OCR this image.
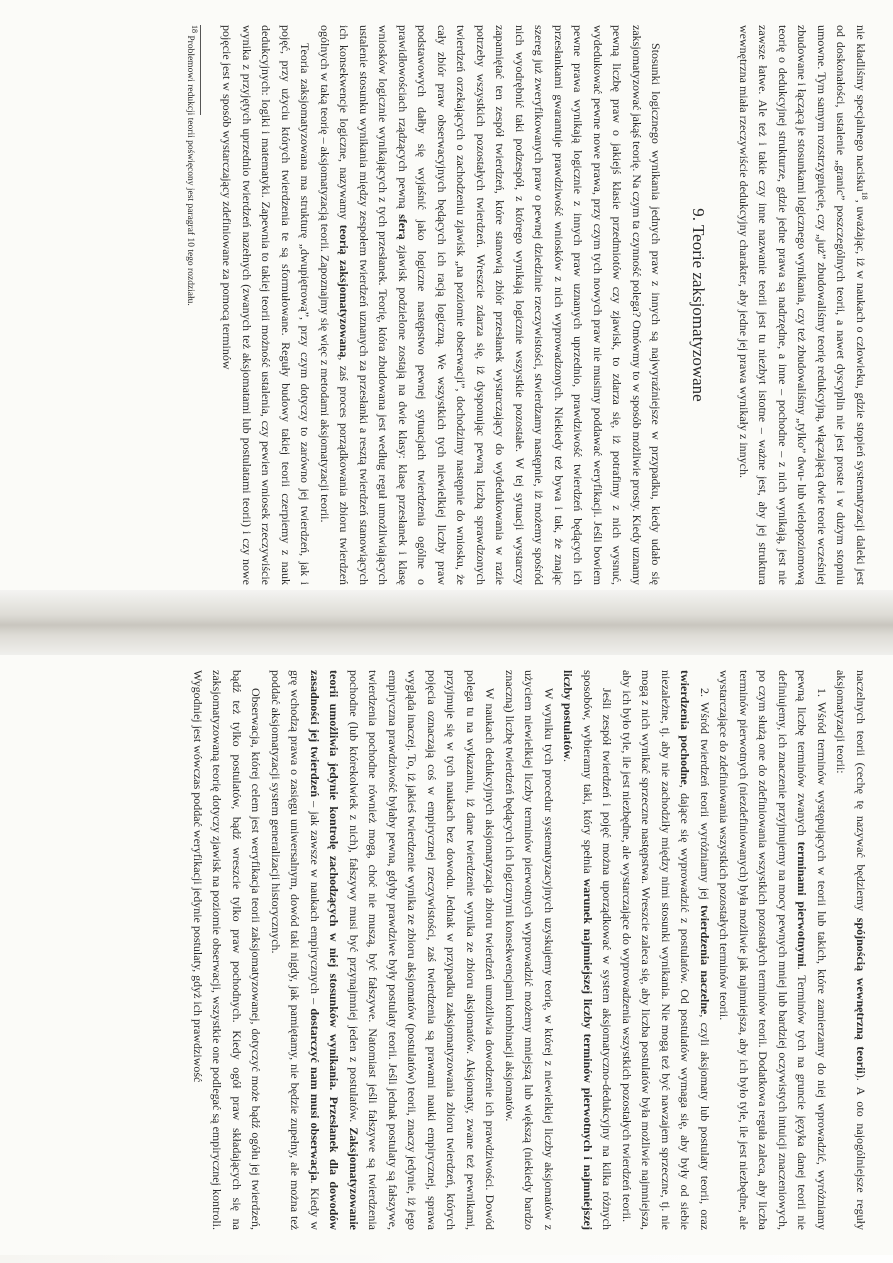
nie kładliśmy specjalnego nacisku$^{18}$, uważając, iż w naukach o człowieku, gdzie stopień systematyzacji daleki jest od doskonałości, ustalenie „granic” poszczególnych teorii, a nawet dyscyplin nie jest proste i w dużym stopniu umowne. Tym samym rozstrzygnięcie, czy „już” zbudowaliśmy teorię redukcyjną, włączającą dwie teorie wcześniej zbudowane i łączącą je stosunkami logicznego wynikania, czy też zbudowaliśmy „tylko” dwu- lub wielopoziomową teorię o dedukcyjnej strukturze, gdzie jedne prawa są nadrzędne, a inne – pochodne – z nich wynikają, jest nie zawsze łatwe. Ale też i takie czy inne nazwanie teorii jest tu niezbyt istotne – ważne jest, aby jej struktura wewnętrzna miała rzeczywiście dedukcyjny charakter, aby jedne jej prawa wynikały z innych.

9. Teorie zaksjomatyzowane

Stosunki logicznego wynikania jednych praw z innych są najwyraźniejsze w przypadku, kiedy udało się zaksjomatyzować jakąś teorię. Na czym ta czynność polega? Omówmy to w sposób możliwie prosty. Kiedy uznamy pewną liczbę praw o jakiejś klasie przedmiotów czy zjawisk, to zdarza się, iż potrafimy z nich wysnuć, wydedukować pewne nowe prawa, przy czym tych nowych praw nie musimy poddawać weryfikacji. Jeśli bowiem pewne prawa wynikają logicznie z innych praw uznanych uprzednio, prawdziwość twierdzeń będących ich przesłankami gwarantuje prawdziwość wniosków z nich wyprowadzonych. Niekiedy też bywa i tak, że znając szereg już zweryfikowanych praw o pewnej dziedzinie rzeczywistości, stwierdzamy następnie, iż możemy spośród nich wyodrębnić taki podzespół, z którego wynikają logicznie wszystkie pozostałe. W tej sytuacji wystarczy zapamiętać ten zespół twierdzeń, które stanowią zbiór przesłanek wystarczający do wydedukowania w razie potrzeby wszystkich pozostałych twierdzeń. Wreszcie zdarza się, iż dysponując pewną liczbą sprawdzonych twierdzeń orzekających o zachodzeniu zjawisk „na poziomie obserwacji”, dochodzimy następnie do wniosku, że cały zbiór praw obserwacyjnych będących ich racją logiczną. We wszystkich tych niewielkiej liczby praw podstawowych dałby się wyjaśnić jako logiczne następstwo pewnej sytuacjach twierdzenia ogólne o prawidłowościach rządzących pewną sferą zjawisk podzielone zostają na dwie klasy: klasę przesłanek i klasę wniosków logicznie wynikających z tych przesłanek. Teorię, która zbudowana jest według reguł umożliwiających ustalenie stosunku wynikania między zespołem twierdzeń uznanych za przesłanki a resztą twierdzeń stanowiących ich konsekwencje logiczne, nazywamy teorią zaksjomatyzowaną, zaś proces porządkowania zbioru twierdzeń ogólnych w taką teorię – aksjomatyzacją teorii. Zapoznajmy się więc z metodami aksjomatyzacji teorii.

Teoria zaksjomatyzowana ma strukturę „dwupiętrową”, przy czym dotyczy to zarówno jej twierdzeń, jak i pojęć, przy użyciu których twierdzenia te są sformułowane. Reguły budowy takiej teorii czerpiemy z nauk dedukcyjnych: logiki i matematyki. Zapewnia to takiej teorii możność ustalenia, czy pewien wniosek rzeczywiście wynika z przyjętych uprzednio twierdzeń nazełnych (zwanych też aksjomatami lub postulatami teorii) i czy nowe pojęcie jest w sposób wystarczający zdefiniowane za pomocą terminów

$^{18}$ Problemowi redukcji teorii poświęcony jest paragraf 10 tego rozdziału.

naczelnych teorii (cechę tę nazywać będziemy spójnością wewnętrzną teorii). A oto najogólniejsze reguły aksjomatyzacji teorii:

1. Wśród terminów występujących w teorii lub takich, które zamierzamy do niej wprowadzić, wyróżniamy pewną liczbę terminów zwanych terminami pierwotnymi. Terminów tych na gruncie języka danej teorii nie definiujemy, ich znaczenie przyjmujemy na mocy pewnych mniej lub bardziej oczywistych intuicji znaczeniowych, po czym służą one do zdefiniowania wszystkich pozostałych terminów teorii. Dodatkowa reguła zaleca, aby liczba terminów pierwotnych (niezdefiniowanych) była możliwie jak najmniejsza, aby ich było tyle, ile jest niezbędne, ale wystarczające do zdefiniowania wszystkich pozostałych terminów teorii.

2. Wśród twierdzeń teorii wyróżniamy jej twierdzenia naczelne, czyli aksjomaty lub postulaty teorii, oraz twierdzenia pochodne, dające się wyprowadzić z postulatów. Od postulatów wymaga się, aby były od siebie niezależne, tj. aby nie zachodziły między nimi stosunki wynikania. Nie mogą też być nawzajem sprzeczne, tj. nie mogą z nich wynikać sprzeczne następstwa. Wreszcie zaleca się, aby liczba postulatów była możliwie najmniejsza, aby ich było tyle, ile jest niezbędne, ale wystarczające do wyprowadzenia wszystkich pozostałych twierdzeń teorii.

Jeśli zespół twierdzeń i pojęć można uporządkować w system aksjomatyczno-dedukcyjny na kilka różnych sposobów, wybieramy taki, który spełnia warunek najmniejszej liczby terminów pierwotnych i najmniejszej liczby postulatów.

W wyniku tych procedur systematyzacyjnych uzyskujemy teorię, w której z niewielkiej liczby aksjomatów z użyciem niewielkiej liczby terminów pierwotnych wyprowadzić możemy mniejszą lub większą (niekiedy bardzo znaczną) liczbę twierdzeń będących ich logicznymi konsekwencjami kombinacji aksjomatów.

W naukach dedukcyjnych aksjomatyzacja zbioru twierdzeń umożliwia dowodzenie ich prawdziwości. Dowód polega tu na wykazaniu, iż dane twierdzenie wynika ze zbioru aksjomatów. Aksjomaty, zwane też pewnikami, przyjmuje się w tych naukach bez dowodu. Jednak w przypadku zaksjomatyzowania zbioru twierdzeń, których pojęcia oznaczają coś w empirycznej rzeczywistości, zaś twierdzenia są prawami nauki empirycznej, sprawa wygląda inaczej. To, iż jakieś twierdzenie wynika ze zbioru aksjomatów (postulatów) teorii, znaczy jedynie, iż jego empiryczna prawdziwość byłaby pewna, gdyby prawdziwe były postulaty teorii. Jeśli jednak postulaty są fałszywe, twierdzenia pochodne również mogą, choć nie muszą, być fałszywe. Natomiast jeśli fałszywe są twierdzenia pochodne (lub którekolwiek z nich), fałszywy musi być przynajmniej jeden z postulatów. Zaksjomatyzowanie teorii umożliwia jedynie kontrolę zachodzących w niej stosunków wynikania. Przesłanek dla dowodów zasadności jej twierdzeń – jak zawsze w naukach empirycznych – dostarczyć nam musi obserwacja. Kiedy w grę wchodzą prawa o zasięgu uniwersalnym, dowód taki nigdy, jak pamiętamy, nie będzie zupełny, ale można też poddać aksjomatyzacji system generalizacji historycznych.

Obserwacja, której celem jest weryfikacja teorii zaksjomatyzowanej, dotyczyć może bądź ogółu jej twierdzeń, bądź też tylko postulatów, bądź wreszcie tylko praw pochodnych. Kiedy ogół praw składających się na zaksjomatyzowaną teorię dotyczy zjawisk na poziomie obserwacji, wszystkie one podlegać są empirycznej kontroli. Wygodniej jest wówczas poddać weryfikacji jedynie postulaty, gdyż ich prawdziwość
